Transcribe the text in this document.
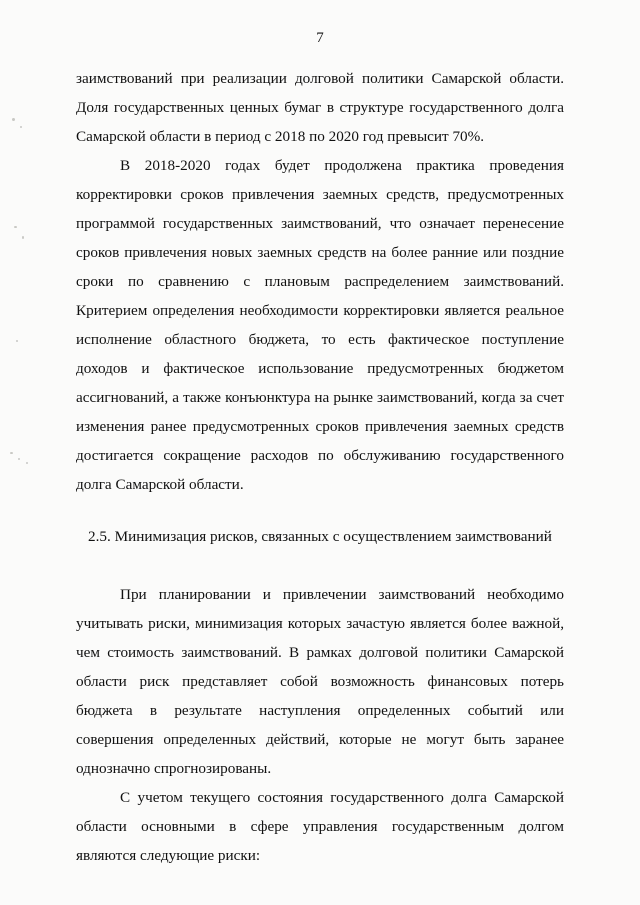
7

заимствований при реализации долговой политики Самарской области. Доля государственных ценных бумаг в структуре государственного долга Самарской области в период с 2018 по 2020 год превысит 70%.

В 2018-2020 годах будет продолжена практика проведения корректировки сроков привлечения заемных средств, предусмотренных программой государственных заимствований, что означает перенесение сроков привлечения новых заемных средств на более ранние или поздние сроки по сравнению с плановым распределением заимствований. Критерием определения необходимости корректировки является реальное исполнение областного бюджета, то есть фактическое поступление доходов и фактическое использование предусмотренных бюджетом ассигнований, а также конъюнктура на рынке заимствований, когда за счет изменения ранее предусмотренных сроков привлечения заемных средств достигается сокращение расходов по обслуживанию государственного долга Самарской области.

2.5. Минимизация рисков, связанных с осуществлением заимствований

При планировании и привлечении заимствований необходимо учитывать риски, минимизация которых зачастую является более важной, чем стоимость заимствований. В рамках долговой политики Самарской области риск представляет собой возможность финансовых потерь бюджета в результате наступления определенных событий или совершения определенных действий, которые не могут быть заранее однозначно спрогнозированы.

С учетом текущего состояния государственного долга Самарской области основными в сфере управления государственным долгом являются следующие риски:
